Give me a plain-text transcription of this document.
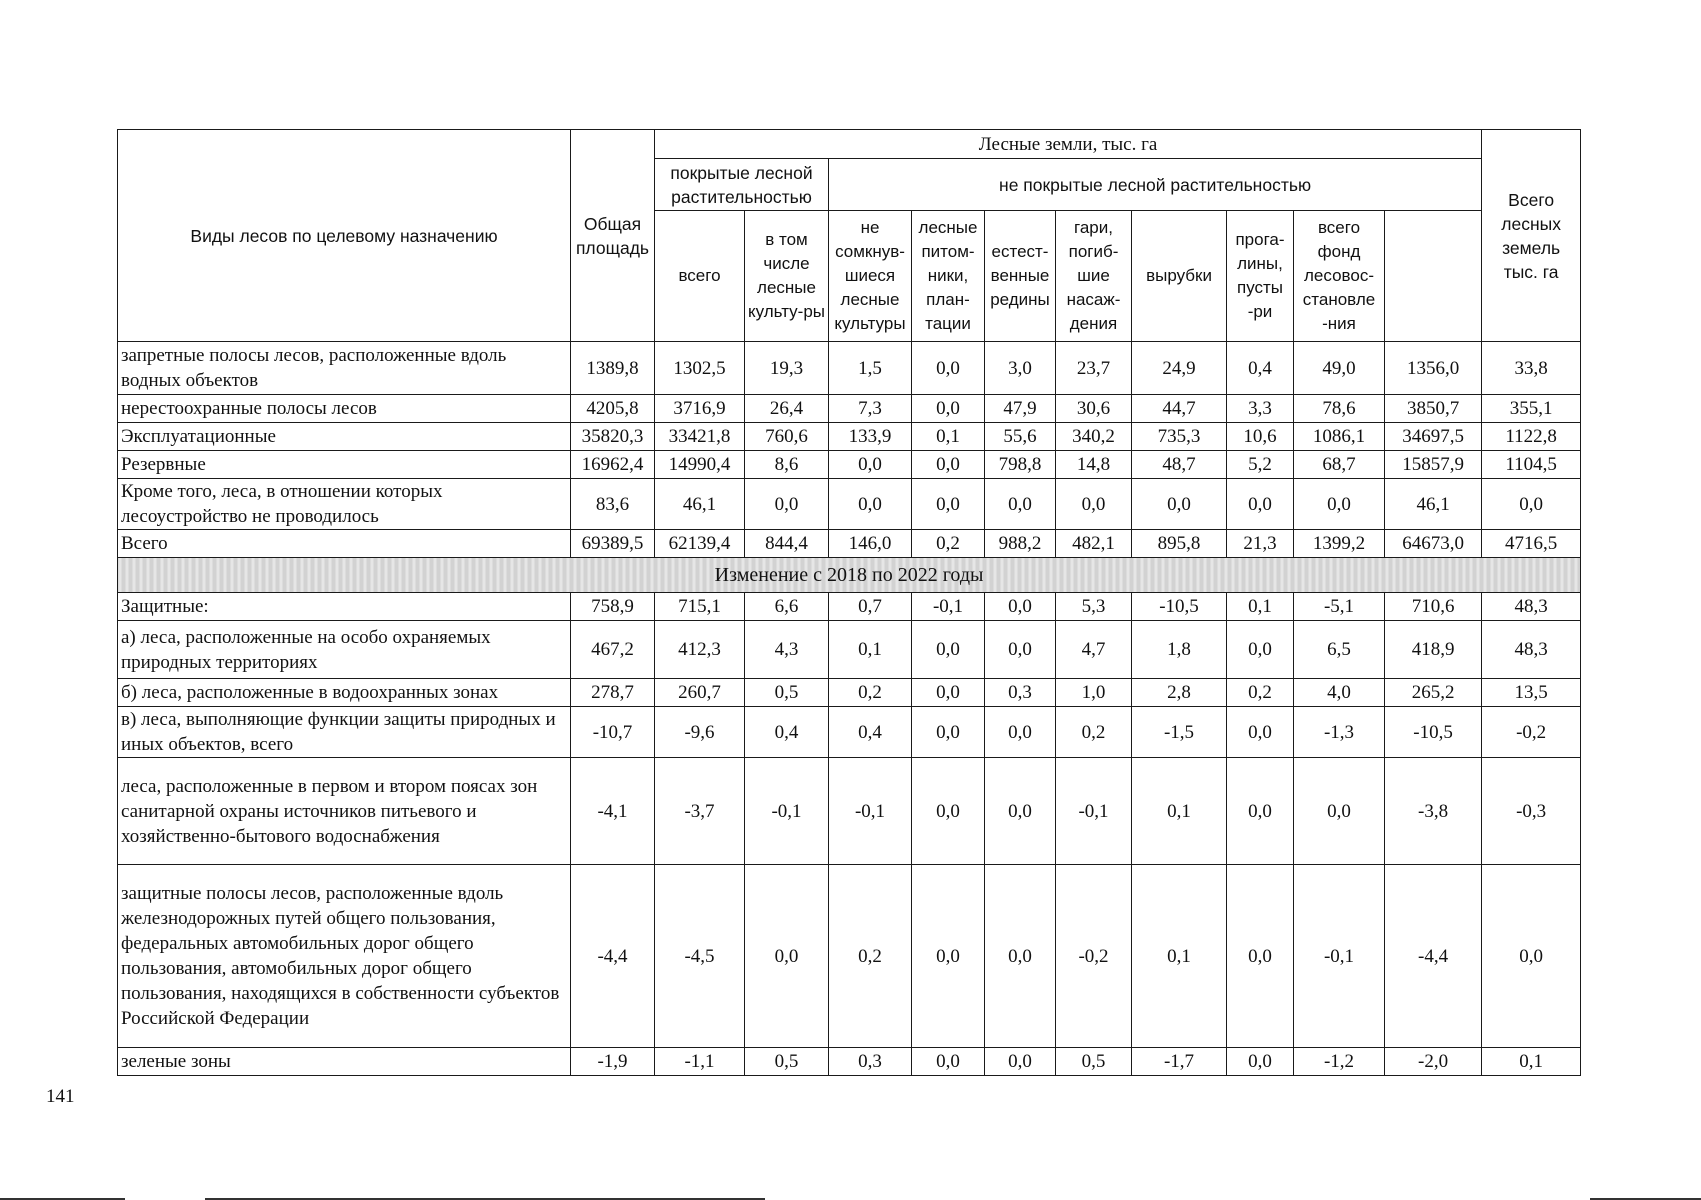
Виды лесов по целевому назначению	Общая площадь	Лесные земли, тыс. га										Всего лесных земель тыс. га	
		покрытые лесной растительностью		не покрытые лесной растительностью									
		всего	в том числе лесные культу-ры	не сомкнув-шиеся лесные культуры	лесные питом-ники, план-тации	естест-венные редины	гари, погиб-шие насаж-дения	вырубки	прога-лины, пусты -ри	всего фонд лесовос-становле -ния			
запретные полосы лесов, расположенные вдоль водных объектов	1389,8	1302,5	19,3	1,5	0,0	3,0	23,7	24,9	0,4	49,0	1356,0	33,8	
нерестоохранные полосы лесов	4205,8	3716,9	26,4	7,3	0,0	47,9	30,6	44,7	3,3	78,6	3850,7	355,1	
Эксплуатационные	35820,3	33421,8	760,6	133,9	0,1	55,6	340,2	735,3	10,6	1086,1	34697,5	1122,8	
Резервные	16962,4	14990,4	8,6	0,0	0,0	798,8	14,8	48,7	5,2	68,7	15857,9	1104,5	
Кроме того, леса, в отношении которых лесоустройство не проводилось	83,6	46,1	0,0	0,0	0,0	0,0	0,0	0,0	0,0	0,0	46,1	0,0	
Всего	69389,5	62139,4	844,4	146,0	0,2	988,2	482,1	895,8	21,3	1399,2	64673,0	4716,5	
Изменение с 2018 по 2022 годы													
Защитные:	758,9	715,1	6,6	0,7	-0,1	0,0	5,3	-10,5	0,1	-5,1	710,6	48,3	
а) леса, расположенные на особо охраняемых природных территориях	467,2	412,3	4,3	0,1	0,0	0,0	4,7	1,8	0,0	6,5	418,9	48,3	
б) леса, расположенные в водоохранных зонах	278,7	260,7	0,5	0,2	0,0	0,3	1,0	2,8	0,2	4,0	265,2	13,5	
в) леса, выполняющие функции защиты природных и иных объектов, всего	-10,7	-9,6	0,4	0,4	0,0	0,0	0,2	-1,5	0,0	-1,3	-10,5	-0,2	
леса, расположенные в первом и втором поясах зон санитарной охраны источников питьевого и хозяйственно-бытового водоснабжения	-4,1	-3,7	-0,1	-0,1	0,0	0,0	-0,1	0,1	0,0	0,0	-3,8	-0,3	
защитные полосы лесов, расположенные вдоль железнодорожных путей общего пользования, федеральных автомобильных дорог общего пользования, автомобильных дорог общего пользования, находящихся в собственности субъектов Российской Федерации	-4,4	-4,5	0,0	0,2	0,0	0,0	-0,2	0,1	0,0	-0,1	-4,4	0,0	
зеленые зоны	-1,9	-1,1	0,5	0,3	0,0	0,0	0,5	-1,7	0,0	-1,2	-2,0	0,1	
141
